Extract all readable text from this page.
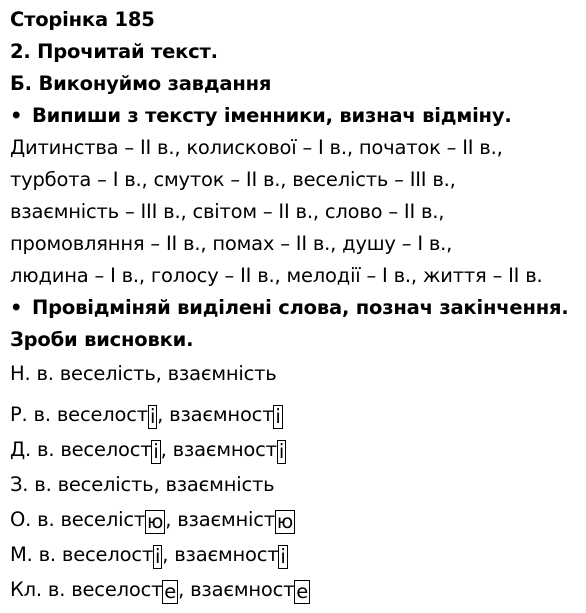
Сторінка 185
2. Прочитай текст.
Б. Виконуймо завдання
• Випиши з тексту іменники, визнач відміну.
Дитинства – II в., колискової – I в., початок – II в.,
турбота – I в., смуток – II в., веселість – III в.,
взаємність – III в., світом – II в., слово – II в.,
промовляння – II в., помах – II в., душу – I в.,
людина – I в., голосу – II в., мелодії – I в., життя – II в.
• Провідміняй виділені слова, познач закінчення. Зроби висновки.
Н. в. веселість, взаємність
Р. в. веселост і , взаємност і
Д. в. веселост і , взаємност і
З. в. веселість, взаємність
О. в. веселіст ю , взаємніст ю
М. в. веселост і , взаємност і
Кл. в. веселост е , взаємност е
